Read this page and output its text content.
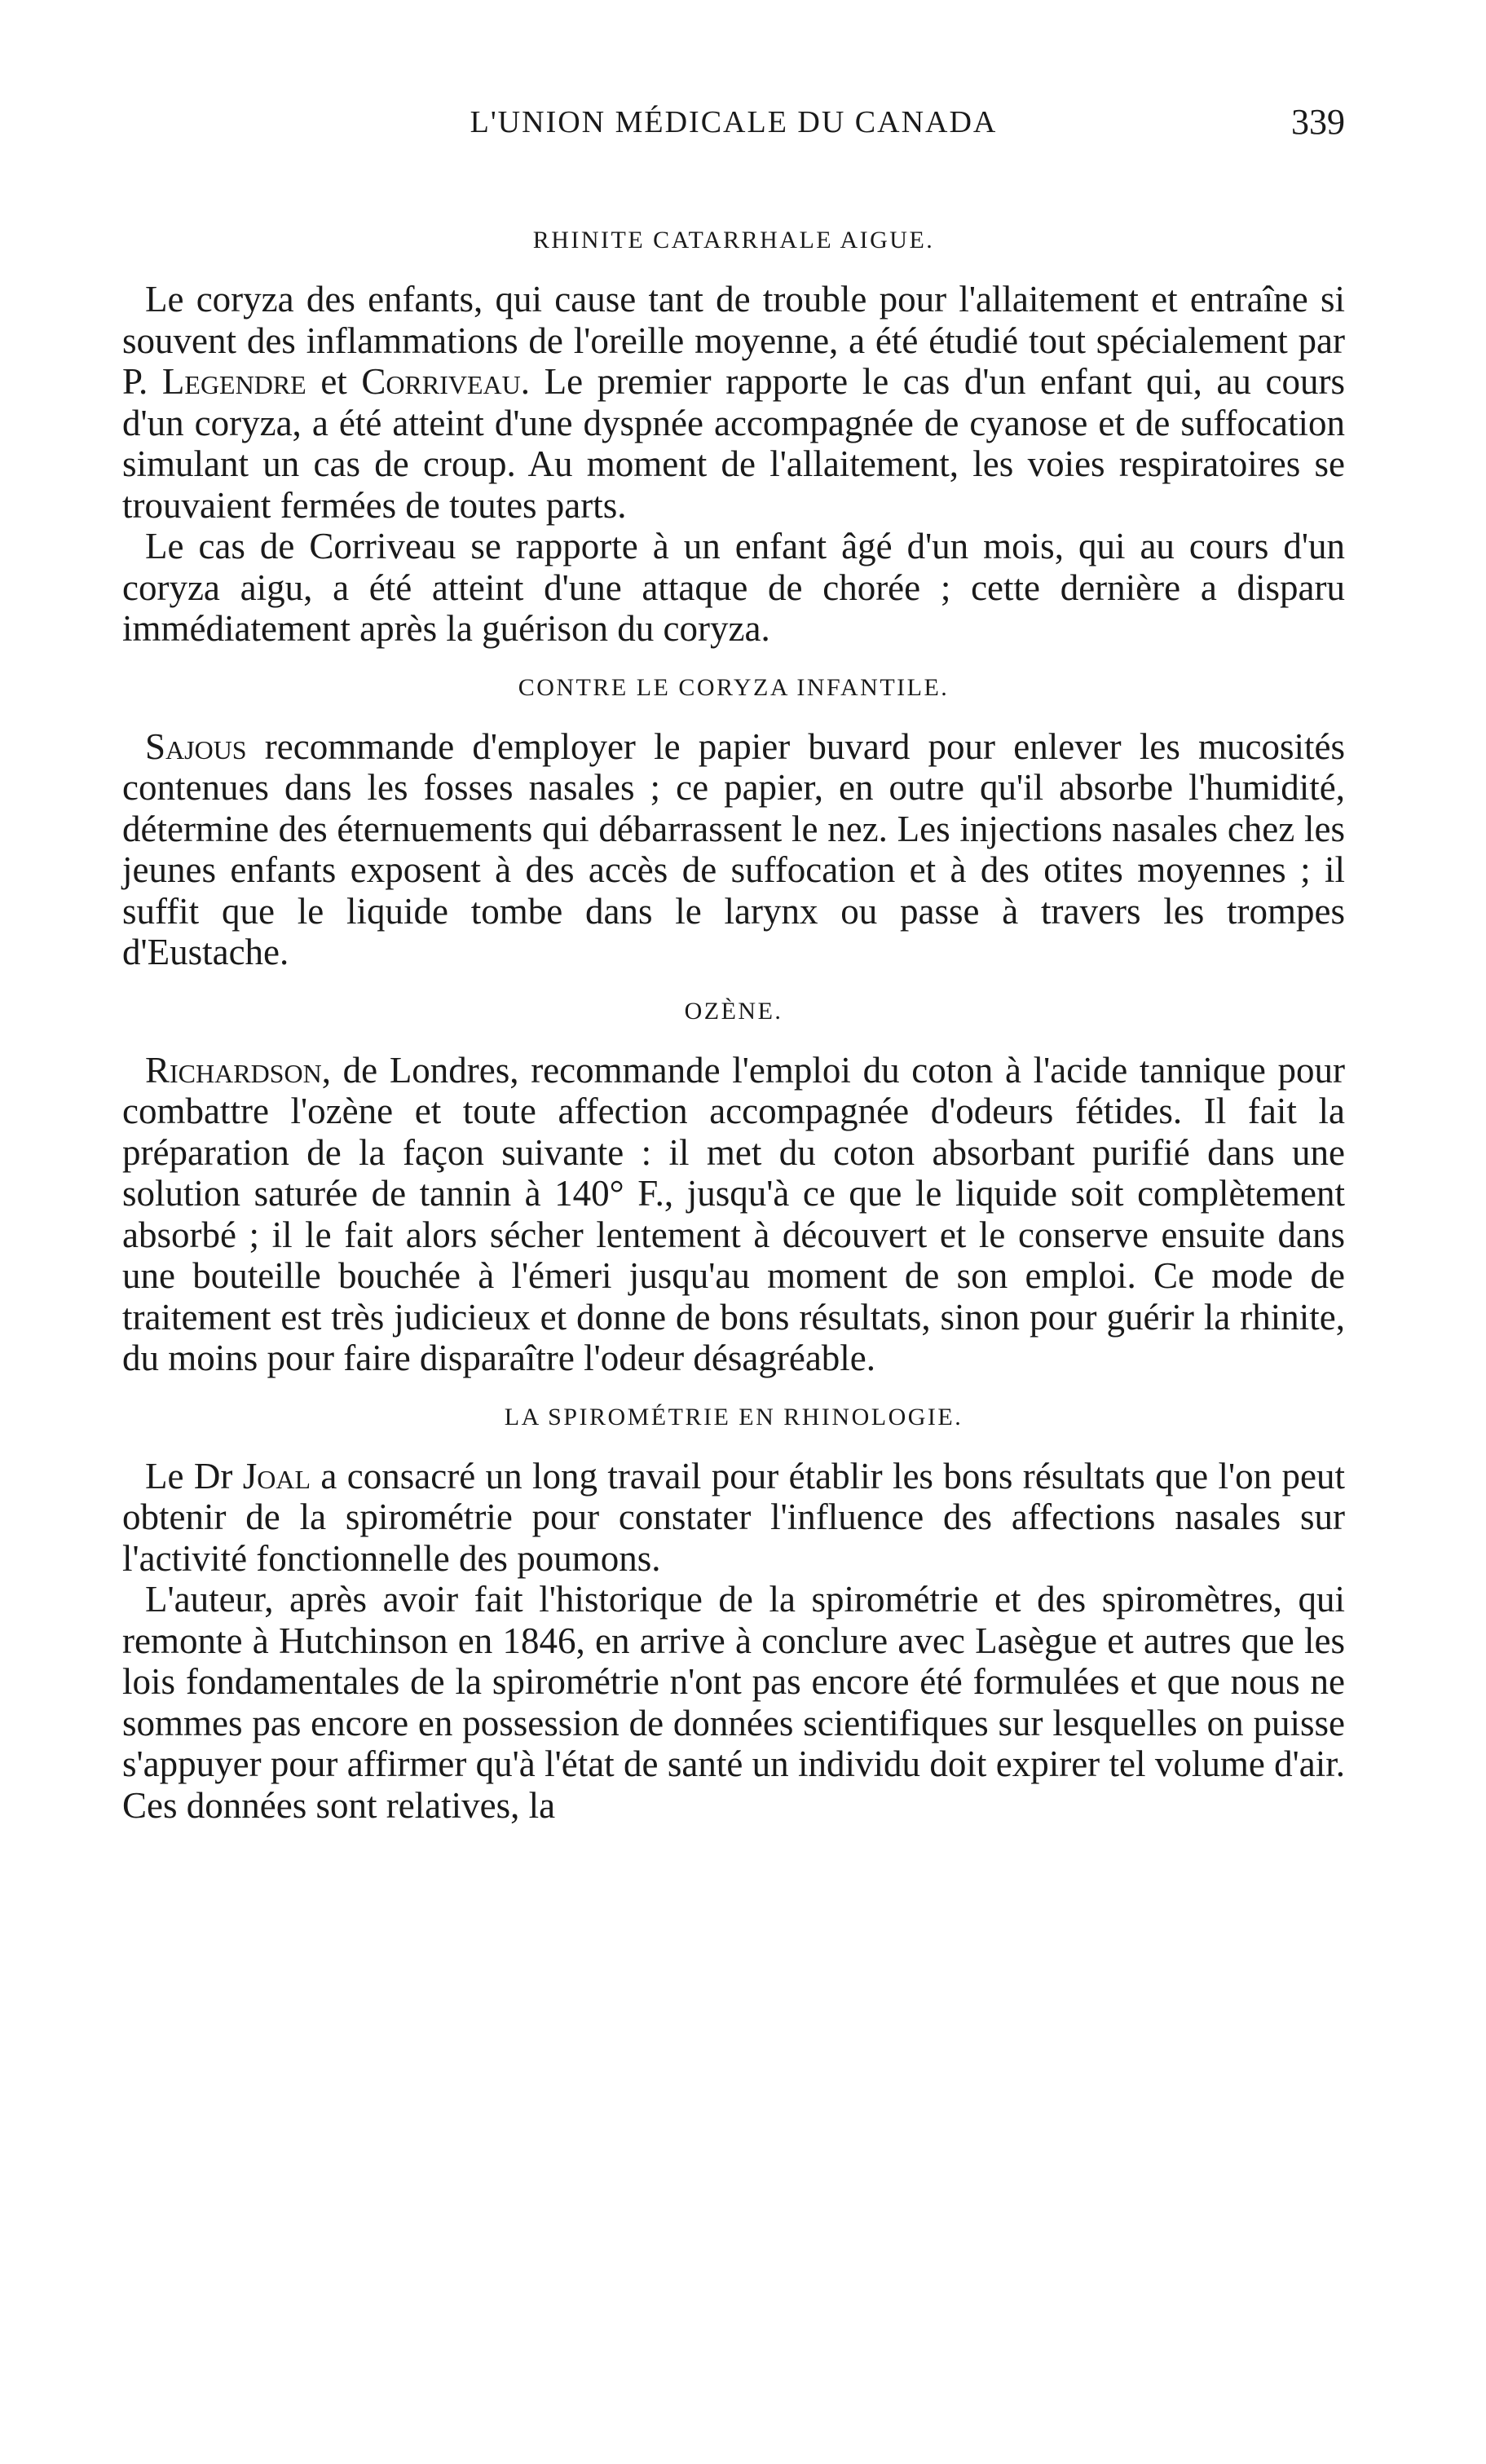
L'UNION MÉDICALE DU CANADA	339
RHINITE CATARRHALE AIGUE.

Le coryza des enfants, qui cause tant de trouble pour l'allaitement et entraîne si souvent des inflammations de l'oreille moyenne, a été étudié tout spécialement par P. Legendre et Corriveau. Le premier rapporte le cas d'un enfant qui, au cours d'un coryza, a été atteint d'une dyspnée accompagnée de cyanose et de suffocation simulant un cas de croup. Au moment de l'allaitement, les voies respiratoires se trouvaient fermées de toutes parts.

Le cas de Corriveau se rapporte à un enfant âgé d'un mois, qui au cours d'un coryza aigu, a été atteint d'une attaque de chorée ; cette dernière a disparu immédiatement après la guérison du coryza.

CONTRE LE CORYZA INFANTILE.

Sajous recommande d'employer le papier buvard pour enlever les mucosités contenues dans les fosses nasales ; ce papier, en outre qu'il absorbe l'humidité, détermine des éternuements qui débarrassent le nez. Les injections nasales chez les jeunes enfants exposent à des accès de suffocation et à des otites moyennes ; il suffit que le liquide tombe dans le larynx ou passe à travers les trompes d'Eustache.

OZÈNE.

Richardson, de Londres, recommande l'emploi du coton à l'acide tannique pour combattre l'ozène et toute affection accompagnée d'odeurs fétides. Il fait la préparation de la façon suivante : il met du coton absorbant purifié dans une solution saturée de tannin à 140° F., jusqu'à ce que le liquide soit complètement absorbé ; il le fait alors sécher lentement à découvert et le conserve ensuite dans une bouteille bouchée à l'émeri jusqu'au moment de son emploi. Ce mode de traitement est très judicieux et donne de bons résultats, sinon pour guérir la rhinite, du moins pour faire disparaître l'odeur désagréable.

LA SPIROMÉTRIE EN RHINOLOGIE.

Le Dr Joal a consacré un long travail pour établir les bons résultats que l'on peut obtenir de la spirométrie pour constater l'influence des affections nasales sur l'activité fonctionnelle des poumons.

L'auteur, après avoir fait l'historique de la spirométrie et des spiromètres, qui remonte à Hutchinson en 1846, en arrive à conclure avec Lasègue et autres que les lois fondamentales de la spirométrie n'ont pas encore été formulées et que nous ne sommes pas encore en possession de données scientifiques sur lesquelles on puisse s'appuyer pour affirmer qu'à l'état de santé un individu doit expirer tel volume d'air. Ces données sont relatives, la
